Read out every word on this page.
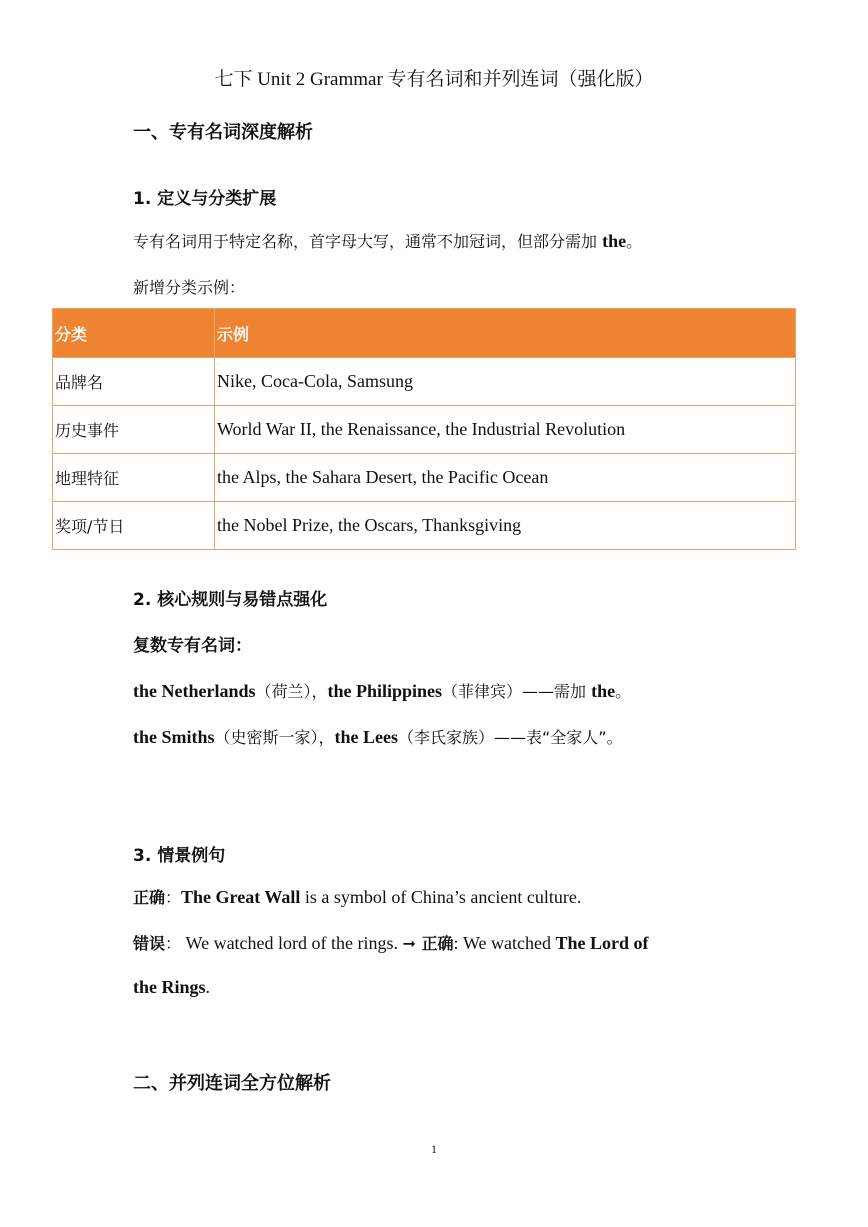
七下 Unit 2 Grammar 专有名词和并列连词（强化版）
一、专有名词深度解析
1. 定义与分类扩展
专有名词用于特定名称，首字母大写，通常不加冠词，但部分需加 the。
新增分类示例：
分类	示例
品牌名	Nike, Coca-Cola, Samsung
历史事件	World War II, the Renaissance, the Industrial Revolution
地理特征	the Alps, the Sahara Desert, the Pacific Ocean
奖项/节日	the Nobel Prize, the Oscars, Thanksgiving
2. 核心规则与易错点强化
复数专有名词：
the Netherlands（荷兰），the Philippines（菲律宾）——需加 the。
the Smiths（史密斯一家），the Lees（李氏家族）——表“全家人”。
3. 情景例句
正确：The Great Wall is a symbol of China’s ancient culture.
错误： We watched lord of the rings. ➞ 正确: We watched The Lord of
the Rings.
二、并列连词全方位解析
1
